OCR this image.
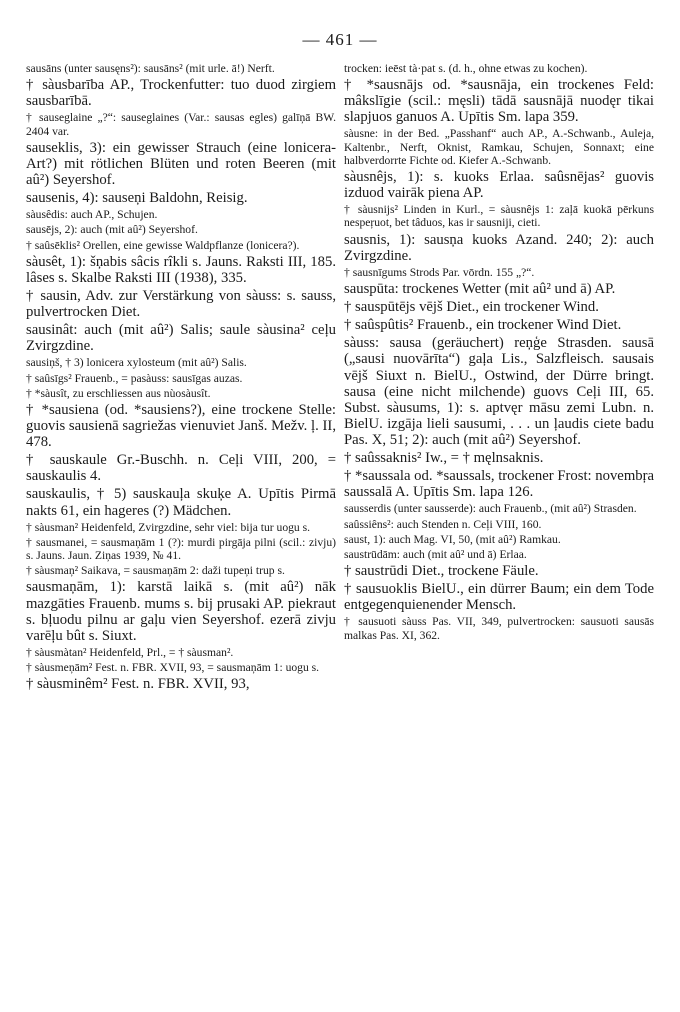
— 461 —

sausāns (unter sausęns²): sausāns² (mit urle. ā!) Nerft.

† sàusbarība AP., Trockenfutter: tuo duod zirgiem sausbarībā.

† sauseglaine „?“: sauseglaines (Var.: sausas egles) galīņā BW. 2404 var.

sauseklis, 3): ein gewisser Strauch (eine lonicera-Art?) mit rötlichen Blüten und roten Beeren (mit aû²) Seyershof.

sausenis, 4): sauseņi Baldohn, Reisig.

sàusêdis: auch AP., Schujen.

sausējs, 2): auch (mit aû²) Seyershof.

† saûsēklis² Orellen, eine gewisse Waldpflanze (lonicera?).

sàusêt, 1): šņabis sâcis rîkli s. Jauns. Raksti III, 185. lâses s. Skalbe Raksti III (1938), 335.

† sausin, Adv. zur Verstärkung von sàuss: s. sauss, pulvertrocken Diet.

sausinât: auch (mit aû²) Salis; saule sàusina² ceļu Zvirgzdine.

sausiņš, † 3) lonicera xylosteum (mit aû²) Salis.

† saûsīgs² Frauenb., = pasàuss: sausīgas auzas.

† *sàusît, zu erschliessen aus nùosàusît.

† *sausiena (od. *sausiens?), eine trockene Stelle: guovis sausienā sagriežas vienuviet Janš. Mežv. ļ. II, 478.

† sauskaule Gr.-Buschh. n. Ceļi VIII, 200, = sauskaulis 4.

sauskaulis, † 5) sauskauļa skuķe A. Upītis Pirmā nakts 61, ein hageres (?) Mädchen.

† sàusman² Heidenfeld, Zvirgzdine, sehr viel: bija tur uogu s.

† sausmanei, = sausmaņām 1 (?): murdi pirgāja pilni (scil.: zivju) s. Jauns. Jaun. Ziņas 1939, № 41.

† sàusmaņ² Saikava, = sausmaņām 2: daži tupeņi trup s.

sausmaņām, 1): karstā laikā s. (mit aû²) nāk mazgāties Frauenb. mums s. bij prusaki AP. piekraut s. bļuodu pilnu ar gaļu vien Seyershof. ezerā zivju varēļu bût s. Siuxt.

† sàusmàtan² Heidenfeld, Prl., = † sàusman².

† sàusmeņām² Fest. n. FBR. XVII, 93, = sausmaņām 1: uogu s.

† sàusminêm² Fest. n. FBR. XVII, 93,

trocken: ieēst tà·pat s. (d. h., ohne etwas zu kochen).

† *sausnājs od. *sausnāja, ein trockenes Feld: mâkslīgie (scil.: męsli) tādā sausnājā nuodęr tikai slapjuos ganuos A. Upītis Sm. lapa 359.

sàusne: in der Bed. „Passhanf“ auch AP., A.-Schwanb., Auleja, Kaltenbr., Nerft, Oknist, Ramkau, Schujen, Sonnaxt; eine halbverdorrte Fichte od. Kiefer A.-Schwanb.

sàusnêjs, 1): s. kuoks Erlaa. saûsnējas² guovis izduod vairāk piena AP.

† sàusnijs² Linden in Kurl., = sàusnêjs 1: zaļā kuokā pērkuns nespeŗuot, bet tâduos, kas ir sausniji, cieti.

sausnis, 1): sausņa kuoks Azand. 240; 2): auch Zvirgzdine.

† sausnīgums Strods Par. vōrdn. 155 „?“.

sauspūta: trockenes Wetter (mit aû² und ā) AP.

† sauspūtējs vējš Diet., ein trockener Wind.

† saûspûtis² Frauenb., ein trockener Wind Diet.

sàuss: sausa (geräuchert) reņģe Strasden. sausā („sausi nuovārīta“) gaļa Lis., Salzfleisch. sausais vējš Siuxt n. BielU., Ostwind, der Dürre bringt. sausa (eine nicht milchende) guovs Ceļi III, 65. Subst. sàusums, 1): s. aptvęr māsu zemi Lubn. n. BielU. izgāja lieli sausumi, . . . un ļaudis ciete badu Pas. X, 51; 2): auch (mit aû²) Seyershof.

† saûssaknis² Iw., = † męlnsaknis.

† *saussala od. *saussals, trockener Frost: novembŗa saussalā A. Upītis Sm. lapa 126.

sausserdis (unter sausserde): auch Frauenb., (mit aû²) Strasden.

saûssiêns²: auch Stenden n. Ceļi VIII, 160.

saust, 1): auch Mag. VI, 50, (mit aû²) Ramkau.

saustrūdām: auch (mit aû² und ā) Erlaa.

† saustrūdi Diet., trockene Fäule.

† sausuoklis BielU., ein dürrer Baum; ein dem Tode entgegenquienender Mensch.

† sausuoti sàuss Pas. VII, 349, pulvertrocken: sausuoti sausās malkas Pas. XI, 362.
